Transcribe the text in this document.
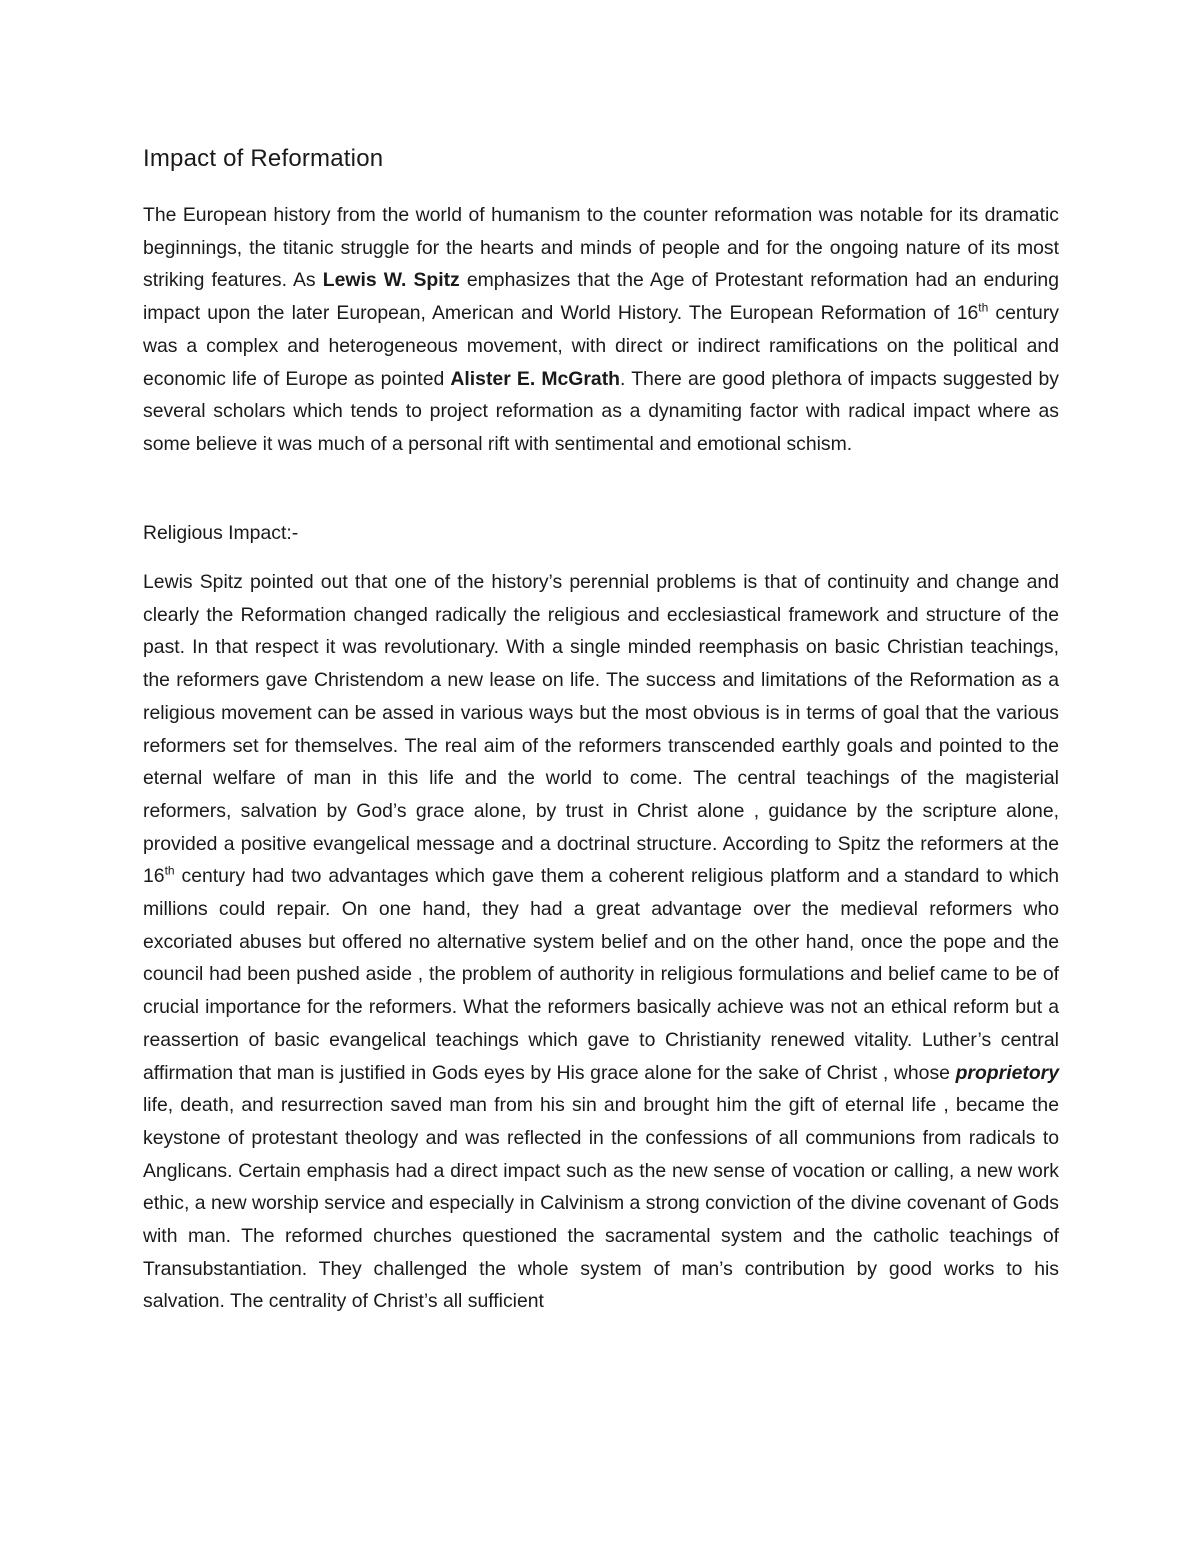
Impact of Reformation

The European history from the world of humanism to the counter reformation was notable for its dramatic beginnings, the titanic struggle for the hearts and minds of people and for the ongoing nature of its most striking features. As Lewis W. Spitz emphasizes that the Age of Protestant reformation had an enduring impact upon the later European, American and World History. The European Reformation of 16th century was a complex and heterogeneous movement, with direct or indirect ramifications on the political and economic life of Europe as pointed Alister E. McGrath. There are good plethora of impacts suggested by several scholars which tends to project reformation as a dynamiting factor with radical impact where as some believe it was much of a personal rift with sentimental and emotional schism.

Religious Impact:-

Lewis Spitz pointed out that one of the history’s perennial problems is that of continuity and change and clearly the Reformation changed radically the religious and ecclesiastical framework and structure of the past. In that respect it was revolutionary. With a single minded reemphasis on basic Christian teachings, the reformers gave Christendom a new lease on life. The success and limitations of the Reformation as a religious movement can be assed in various ways but the most obvious is in terms of goal that the various reformers set for themselves. The real aim of the reformers transcended earthly goals and pointed to the eternal welfare of man in this life and the world to come. The central teachings of the magisterial reformers, salvation by God’s grace alone, by trust in Christ alone , guidance by the scripture alone, provided a positive evangelical message and a doctrinal structure. According to Spitz the reformers at the 16th century had two advantages which gave them a coherent religious platform and a standard to which millions could repair. On one hand, they had a great advantage over the medieval reformers who excoriated abuses but offered no alternative system belief and on the other hand, once the pope and the council had been pushed aside , the problem of authority in religious formulations and belief came to be of crucial importance for the reformers. What the reformers basically achieve was not an ethical reform but a reassertion of basic evangelical teachings which gave to Christianity renewed vitality. Luther’s central affirmation that man is justified in Gods eyes by His grace alone for the sake of Christ , whose proprietory life, death, and resurrection saved man from his sin and brought him the gift of eternal life , became the keystone of protestant theology and was reflected in the confessions of all communions from radicals to Anglicans. Certain emphasis had a direct impact such as the new sense of vocation or calling, a new work ethic, a new worship service and especially in Calvinism a strong conviction of the divine covenant of Gods with man. The reformed churches questioned the sacramental system and the catholic teachings of Transubstantiation. They challenged the whole system of man’s contribution by good works to his salvation. The centrality of Christ’s all sufficient
